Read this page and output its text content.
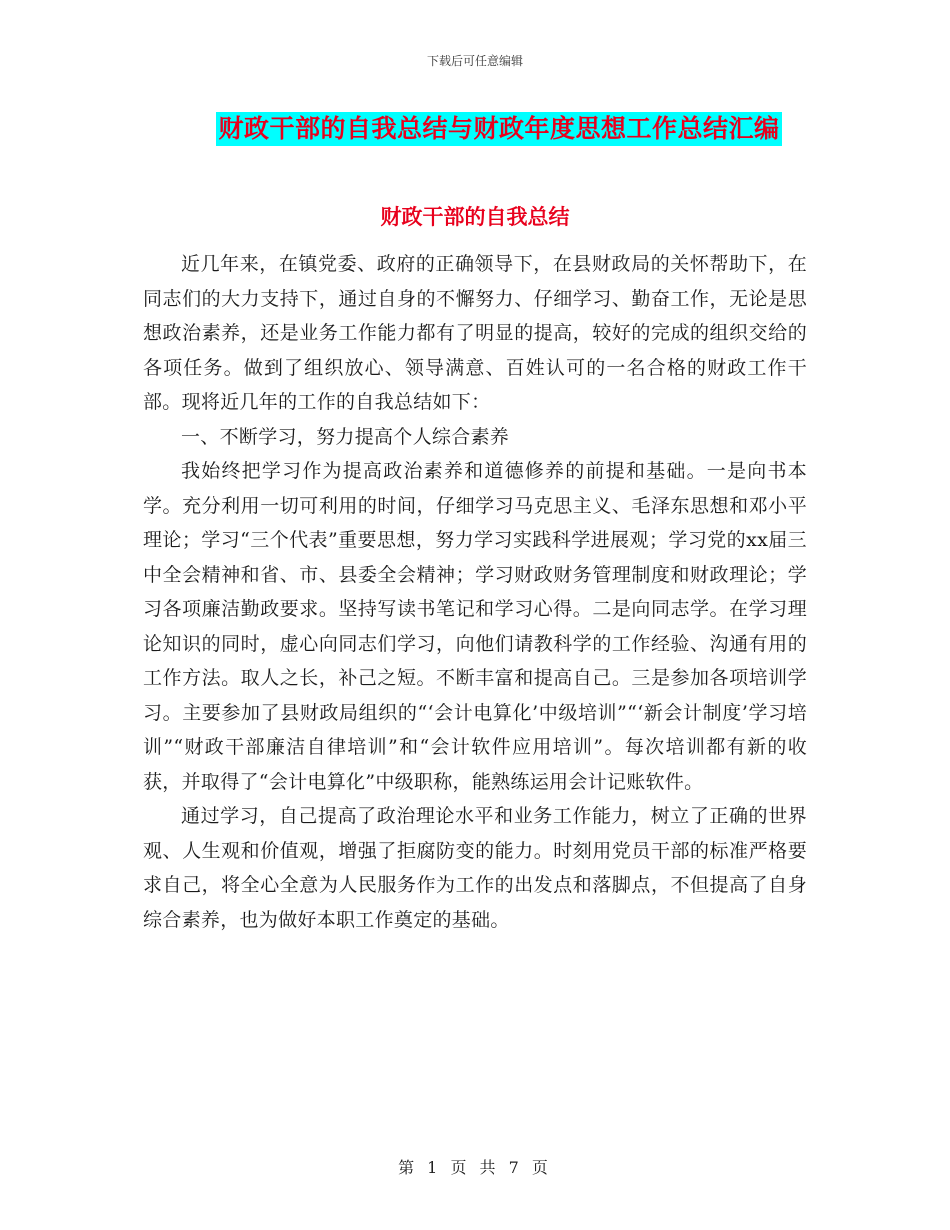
下载后可任意编辑
财政干部的自我总结与财政年度思想工作总结汇编
财政干部的自我总结

近几年来，在镇党委、政府的正确领导下，在县财政局的关怀帮助下，在同志们的大力支持下，通过自身的不懈努力、仔细学习、勤奋工作，无论是思想政治素养，还是业务工作能力都有了明显的提高，较好的完成的组织交给的各项任务。做到了组织放心、领导满意、百姓认可的一名合格的财政工作干部。现将近几年的工作的自我总结如下：

一、不断学习，努力提高个人综合素养

我始终把学习作为提高政治素养和道德修养的前提和基础。一是向书本学。充分利用一切可利用的时间，仔细学习马克思主义、毛泽东思想和邓小平理论；学习“三个代表”重要思想，努力学习实践科学进展观；学习党的xx届三中全会精神和省、市、县委全会精神；学习财政财务管理制度和财政理论；学习各项廉洁勤政要求。坚持写读书笔记和学习心得。二是向同志学。在学习理论知识的同时，虚心向同志们学习，向他们请教科学的工作经验、沟通有用的工作方法。取人之长，补己之短。不断丰富和提高自己。三是参加各项培训学习。主要参加了县财政局组织的“‘会计电算化’中级培训”“‘新会计制度’学习培训”“财政干部廉洁自律培训”和“会计软件应用培训”。每次培训都有新的收获，并取得了“会计电算化”中级职称，能熟练运用会计记账软件。

通过学习，自己提高了政治理论水平和业务工作能力，树立了正确的世界观、人生观和价值观，增强了拒腐防变的能力。时刻用党员干部的标准严格要求自己，将全心全意为人民服务作为工作的出发点和落脚点，不但提高了自身综合素养，也为做好本职工作奠定的基础。

第 1 页 共 7 页
